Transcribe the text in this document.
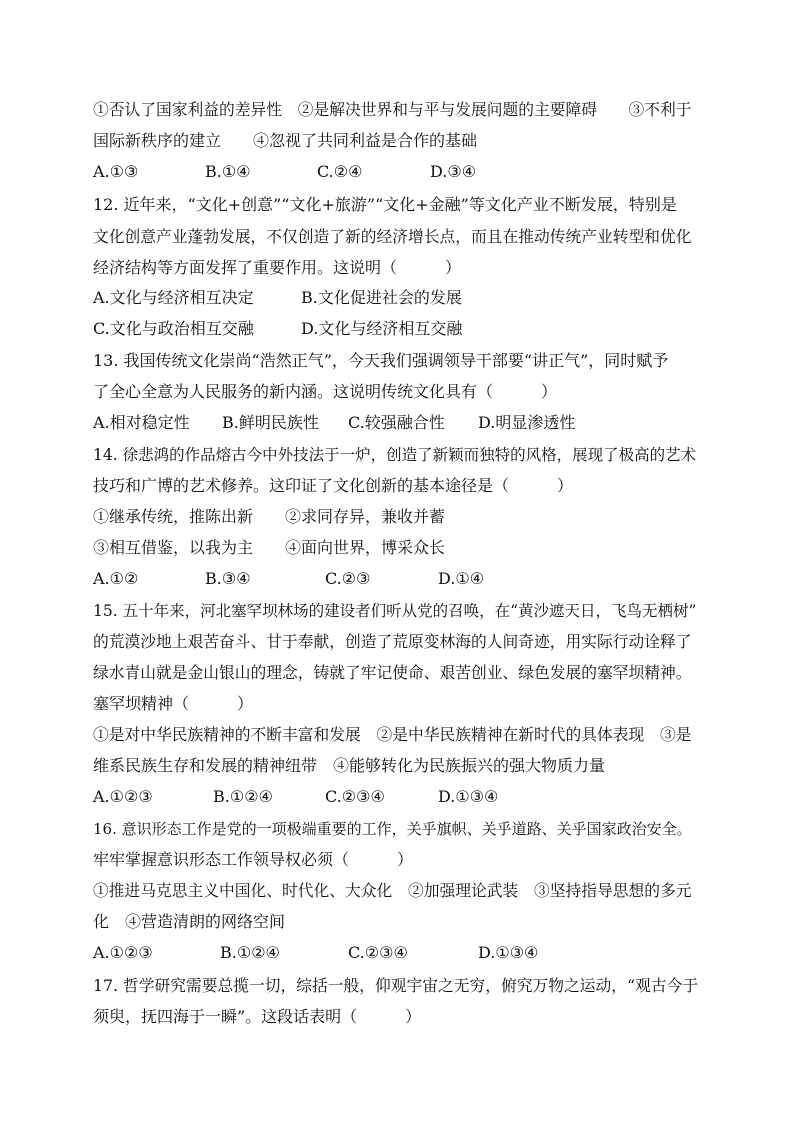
①否认了国家利益的差异性　②是解决世界和与平与发展问题的主要障碍　　③不利于
国际新秩序的建立　　④忽视了共同利益是合作的基础
A.①③	B.①④	C.②④	D.③④
12. 近年来，“文化+创意”“文化+旅游”“文化+金融”等文化产业不断发展，特别是
文化创意产业蓬勃发展，不仅创造了新的经济增长点，而且在推动传统产业转型和优化
经济结构等方面发挥了重要作用。这说明（　　　）
A.文化与经济相互决定	B.文化促进社会的发展
C.文化与政治相互交融	D.文化与经济相互交融
13. 我国传统文化崇尚“浩然正气”，今天我们强调领导干部要“讲正气”，同时赋予
了全心全意为人民服务的新内涵。这说明传统文化具有（　　　）
A.相对稳定性 B.鲜明民族性 C.较强融合性 D.明显渗透性
14. 徐悲鸿的作品熔古今中外技法于一炉，创造了新颖而独特的风格，展现了极高的艺术
技巧和广博的艺术修养。这印证了文化创新的基本途径是（　　　）
①继承传统，推陈出新　　②求同存异，兼收并蓄
③相互借鉴，以我为主　　④面向世界，博采众长
A.①②	B.③④	C.②③	D.①④
15. 五十年来，河北塞罕坝林场的建设者们听从党的召唤，在“黄沙遮天日，飞鸟无栖树”
的荒漠沙地上艰苦奋斗、甘于奉献，创造了荒原变林海的人间奇迹，用实际行动诠释了
绿水青山就是金山银山的理念，铸就了牢记使命、艰苦创业、绿色发展的塞罕坝精神。
塞罕坝精神（　　　）
①是对中华民族精神的不断丰富和发展　②是中华民族精神在新时代的具体表现　③是
维系民族生存和发展的精神纽带　④能够转化为民族振兴的强大物质力量
A.①②③	B.①②④	C.②③④	D.①③④
16. 意识形态工作是党的一项极端重要的工作，关乎旗帜、关乎道路、关乎国家政治安全。
牢牢掌握意识形态工作领导权必须（　　　）
①推进马克思主义中国化、时代化、大众化　②加强理论武装　③坚持指导思想的多元
化　④营造清朗的网络空间
A.①②③	B.①②④	C.②③④	D.①③④
17. 哲学研究需要总揽一切，综括一般，仰观宇宙之无穷，俯究万物之运动，“观古今于
须臾，抚四海于一瞬”。这段话表明（　　　）
